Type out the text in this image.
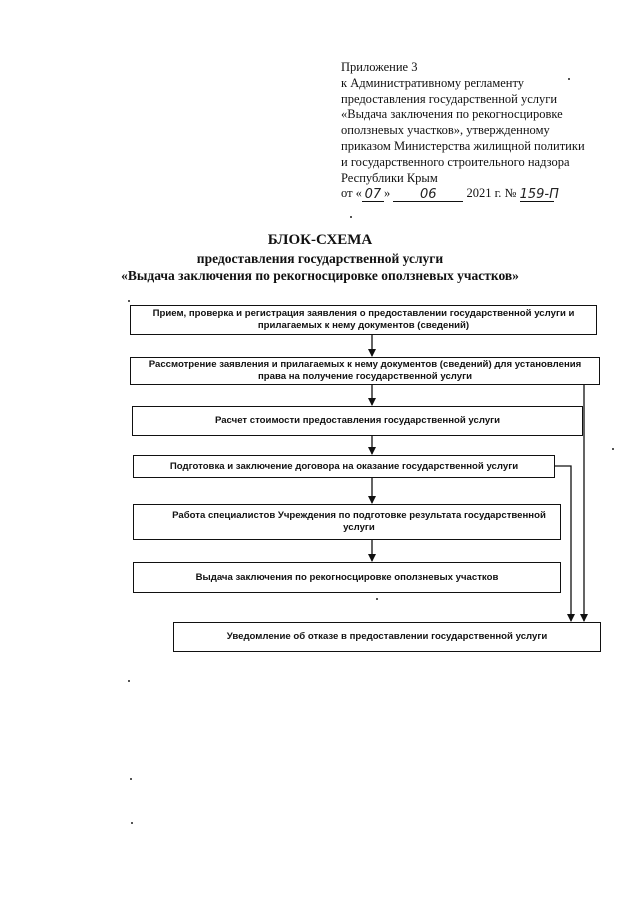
Приложение 3
к Административному регламенту
предоставления государственной услуги
«Выдача заключения по рекогносцировке
оползневых участков», утвержденному
приказом Министерства жилищной политики
и государственного строительного надзора
Республики Крым
от « 07 » 06 2021 г. № 159-П
БЛОК-СХЕМА
предоставления государственной услуги
«Выдача заключения по рекогносцировке оползневых участков»
Прием, проверка и регистрация заявления о предоставлении государственной услуги и прилагаемых к нему документов (сведений)
Рассмотрение заявления и прилагаемых к нему документов (сведений) для установления права на получение государственной услуги
Расчет стоимости предоставления государственной услуги
Подготовка и заключение договора на оказание государственной услуги
Работа специалистов Учреждения по подготовке результата государственной услуги
Выдача заключения по рекогносцировке оползневых участков
Уведомление об отказе в предоставлении государственной услуги
